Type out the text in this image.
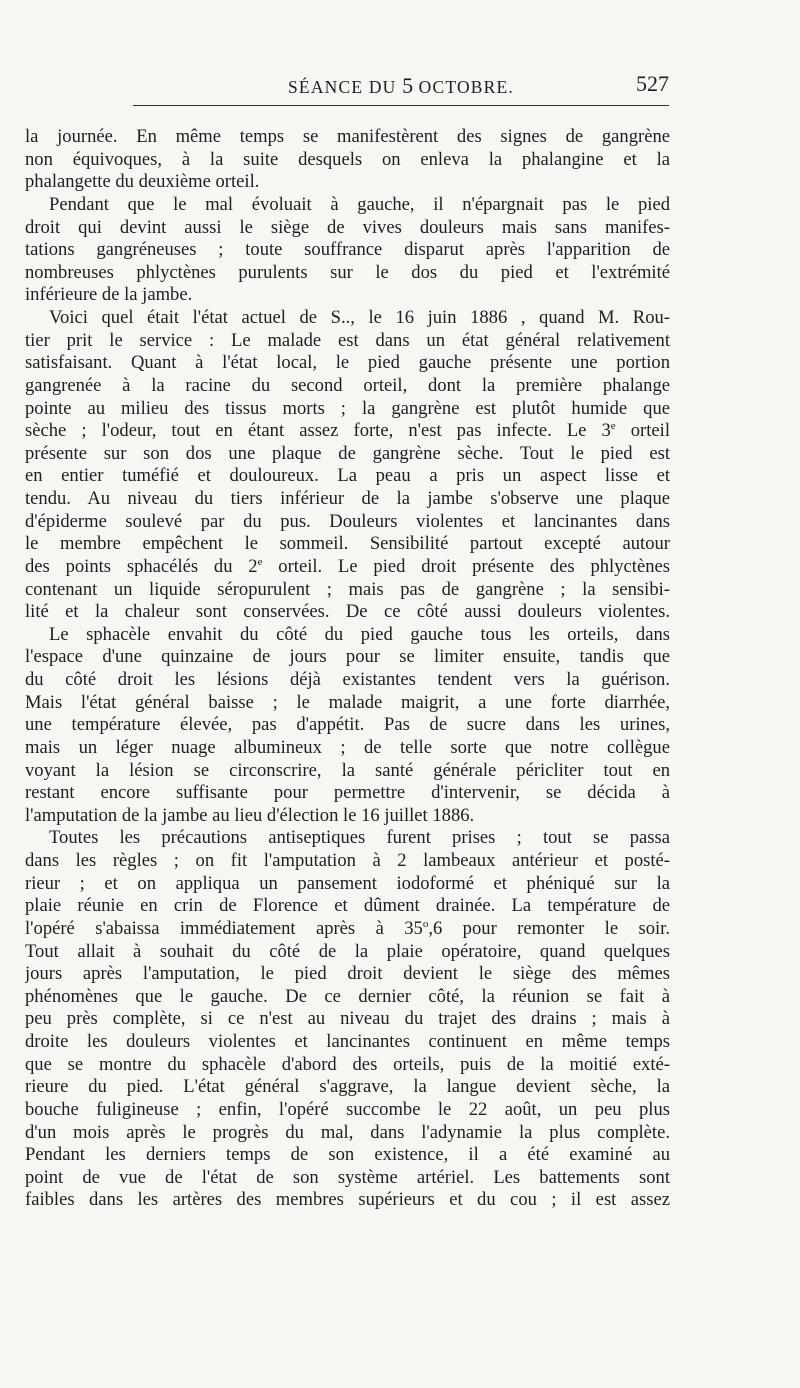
SÉANCE DU 5 OCTOBRE.	527
la journée. En même temps se manifestèrent des signes de gangrène
non équivoques, à la suite desquels on enleva la phalangine et la
phalangette du deuxième orteil.
Pendant que le mal évoluait à gauche, il n'épargnait pas le pied
droit qui devint aussi le siège de vives douleurs mais sans manifes-
tations gangréneuses ; toute souffrance disparut après l'apparition de
nombreuses phlyctènes purulents sur le dos du pied et l'extrémité
inférieure de la jambe.
Voici quel était l'état actuel de S.., le 16 juin 1886 , quand M. Rou-
tier prit le service : Le malade est dans un état général relativement
satisfaisant. Quant à l'état local, le pied gauche présente une portion
gangrenée à la racine du second orteil, dont la première phalange
pointe au milieu des tissus morts ; la gangrène est plutôt humide que
sèche ; l'odeur, tout en étant assez forte, n'est pas infecte. Le 3e orteil
présente sur son dos une plaque de gangrène sèche. Tout le pied est
en entier tuméfié et douloureux. La peau a pris un aspect lisse et
tendu. Au niveau du tiers inférieur de la jambe s'observe une plaque
d'épiderme soulevé par du pus. Douleurs violentes et lancinantes dans
le membre empêchent le sommeil. Sensibilité partout excepté autour
des points sphacélés du 2e orteil. Le pied droit présente des phlyctènes
contenant un liquide séropurulent ; mais pas de gangrène ; la sensibi-
lité et la chaleur sont conservées. De ce côté aussi douleurs violentes.
Le sphacèle envahit du côté du pied gauche tous les orteils, dans
l'espace d'une quinzaine de jours pour se limiter ensuite, tandis que
du côté droit les lésions déjà existantes tendent vers la guérison.
Mais l'état général baisse ; le malade maigrit, a une forte diarrhée,
une température élevée, pas d'appétit. Pas de sucre dans les urines,
mais un léger nuage albumineux ; de telle sorte que notre collègue
voyant la lésion se circonscrire, la santé générale péricliter tout en
restant encore suffisante pour permettre d'intervenir, se décida à
l'amputation de la jambe au lieu d'élection le 16 juillet 1886.
Toutes les précautions antiseptiques furent prises ; tout se passa
dans les règles ; on fit l'amputation à 2 lambeaux antérieur et posté-
rieur ; et on appliqua un pansement iodoformé et phéniqué sur la
plaie réunie en crin de Florence et dûment drainée. La température de
l'opéré s'abaissa immédiatement après à 35$^o$,6 pour remonter le soir.
Tout allait à souhait du côté de la plaie opératoire, quand quelques
jours après l'amputation, le pied droit devient le siège des mêmes
phénomènes que le gauche. De ce dernier côté, la réunion se fait à
peu près complète, si ce n'est au niveau du trajet des drains ; mais à
droite les douleurs violentes et lancinantes continuent en même temps
que se montre du sphacèle d'abord des orteils, puis de la moitié exté-
rieure du pied. L'état général s'aggrave, la langue devient sèche, la
bouche fuligineuse ; enfin, l'opéré succombe le 22 août, un peu plus
d'un mois après le progrès du mal, dans l'adynamie la plus complète.
Pendant les derniers temps de son existence, il a été examiné au
point de vue de l'état de son système artériel. Les battements sont
faibles dans les artères des membres supérieurs et du cou ; il est assez
